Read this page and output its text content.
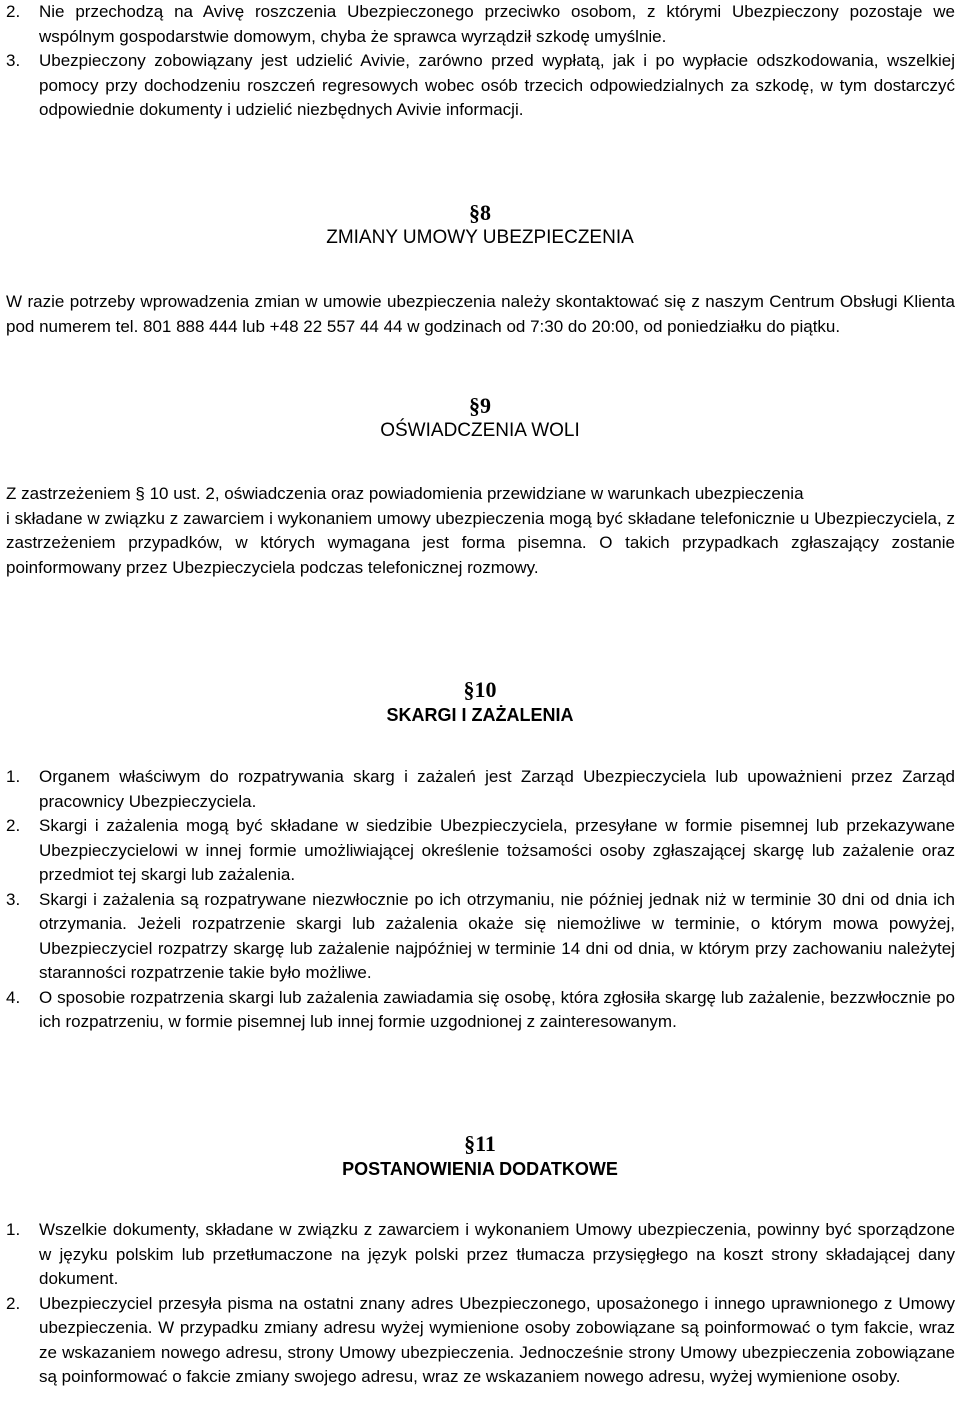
2. Nie przechodzą na Avivę roszczenia Ubezpieczonego przeciwko osobom, z którymi Ubezpieczony pozostaje we wspólnym gospodarstwie domowym, chyba że sprawca wyrządził szkodę umyślnie.

3. Ubezpieczony zobowiązany jest udzielić Avivie, zarówno przed wypłatą, jak i po wypłacie odszkodowania, wszelkiej pomocy przy dochodzeniu roszczeń regresowych wobec osób trzecich odpowiedzialnych za szkodę, w tym dostarczyć odpowiednie dokumenty i udzielić niezbędnych Avivie informacji.

§8
ZMIANY UMOWY UBEZPIECZENIA

W razie potrzeby wprowadzenia zmian w umowie ubezpieczenia należy skontaktować się z naszym Centrum Obsługi Klienta pod numerem tel. 801 888 444 lub +48 22 557 44 44 w godzinach od 7:30 do 20:00, od poniedziałku do piątku.

§9
OŚWIADCZENIA WOLI

Z zastrzeżeniem § 10 ust. 2, oświadczenia oraz powiadomienia przewidziane w warunkach ubezpieczenia

i składane w związku z zawarciem i wykonaniem umowy ubezpieczenia mogą być składane telefonicznie u Ubezpieczyciela, z zastrzeżeniem przypadków, w których wymagana jest forma pisemna. O takich przypadkach zgłaszający zostanie poinformowany przez Ubezpieczyciela podczas telefonicznej rozmowy.

§10
SKARGI I ZAŻALENIA

1. Organem właściwym do rozpatrywania skarg i zażaleń jest Zarząd Ubezpieczyciela lub upoważnieni przez Zarząd pracownicy Ubezpieczyciela.

2. Skargi i zażalenia mogą być składane w siedzibie Ubezpieczyciela, przesyłane w formie pisemnej lub przekazywane Ubezpieczycielowi w innej formie umożliwiającej określenie tożsamości osoby zgłaszającej skargę lub zażalenie oraz przedmiot tej skargi lub zażalenia.

3. Skargi i zażalenia są rozpatrywane niezwłocznie po ich otrzymaniu, nie później jednak niż w terminie 30 dni od dnia ich otrzymania. Jeżeli rozpatrzenie skargi lub zażalenia okaże się niemożliwe w terminie, o którym mowa powyżej, Ubezpieczyciel rozpatrzy skargę lub zażalenie najpóźniej w terminie 14 dni od dnia, w którym przy zachowaniu należytej staranności rozpatrzenie takie było możliwe.

4. O sposobie rozpatrzenia skargi lub zażalenia zawiadamia się osobę, która zgłosiła skargę lub zażalenie, bezzwłocznie po ich rozpatrzeniu, w formie pisemnej lub innej formie uzgodnionej z zainteresowanym.

§11
POSTANOWIENIA DODATKOWE

1. Wszelkie dokumenty, składane w związku z zawarciem i wykonaniem Umowy ubezpieczenia, powinny być sporządzone w języku polskim lub przetłumaczone na język polski przez tłumacza przysięgłego na koszt strony składającej dany dokument.

2. Ubezpieczyciel przesyła pisma na ostatni znany adres Ubezpieczonego, uposażonego i innego uprawnionego z Umowy ubezpieczenia. W przypadku zmiany adresu wyżej wymienione osoby zobowiązane są poinformować o tym fakcie, wraz ze wskazaniem nowego adresu, strony Umowy ubezpieczenia. Jednocześnie strony Umowy ubezpieczenia zobowiązane są poinformować o fakcie zmiany swojego adresu, wraz ze wskazaniem nowego adresu, wyżej wymienione osoby.
